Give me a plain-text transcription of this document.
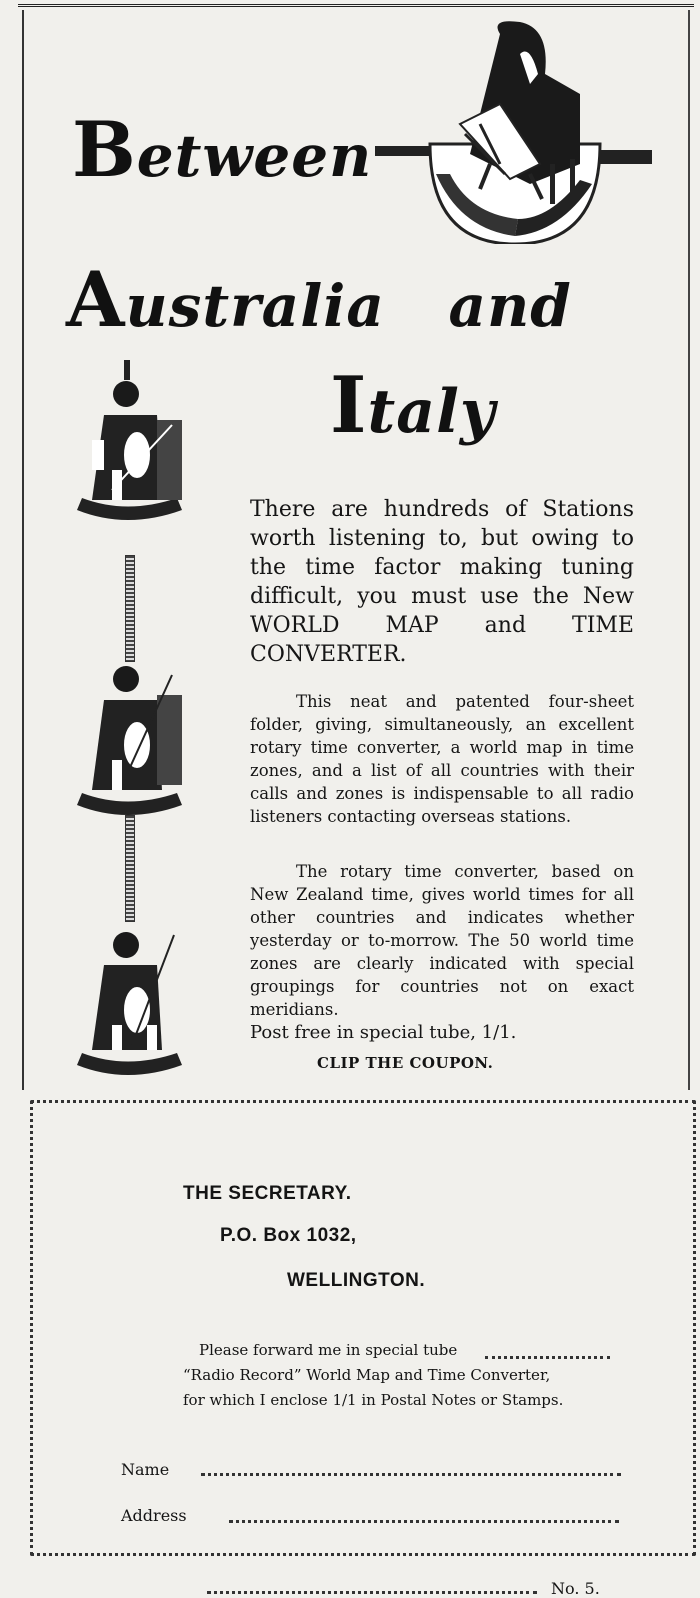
Between
Australia and
Italy
There are hundreds of Stations worth listening to, but owing to the time factor making tuning difficult, you must use the New WORLD MAP and TIME CONVERTER.
This neat and patented four-sheet folder, giving, simultaneously, an excellent rotary time converter, a world map in time zones, and a list of all countries with their calls and zones is indispensable to all radio listeners contacting overseas stations.
The rotary time converter, based on New Zealand time, gives world times for all other countries and indicates whether yesterday or to-morrow. The 50 world time zones are clearly indicated with special groupings for countries not on exact meridians.
Post free in special tube, 1/1.
CLIP THE COUPON.
THE SECRETARY.
P.O. Box 1032,
WELLINGTON.
Please forward me in special tube
“Radio Record” World Map and Time Converter,
for which I enclose 1/1 in Postal Notes or Stamps.
Name
Address
No. 5.
